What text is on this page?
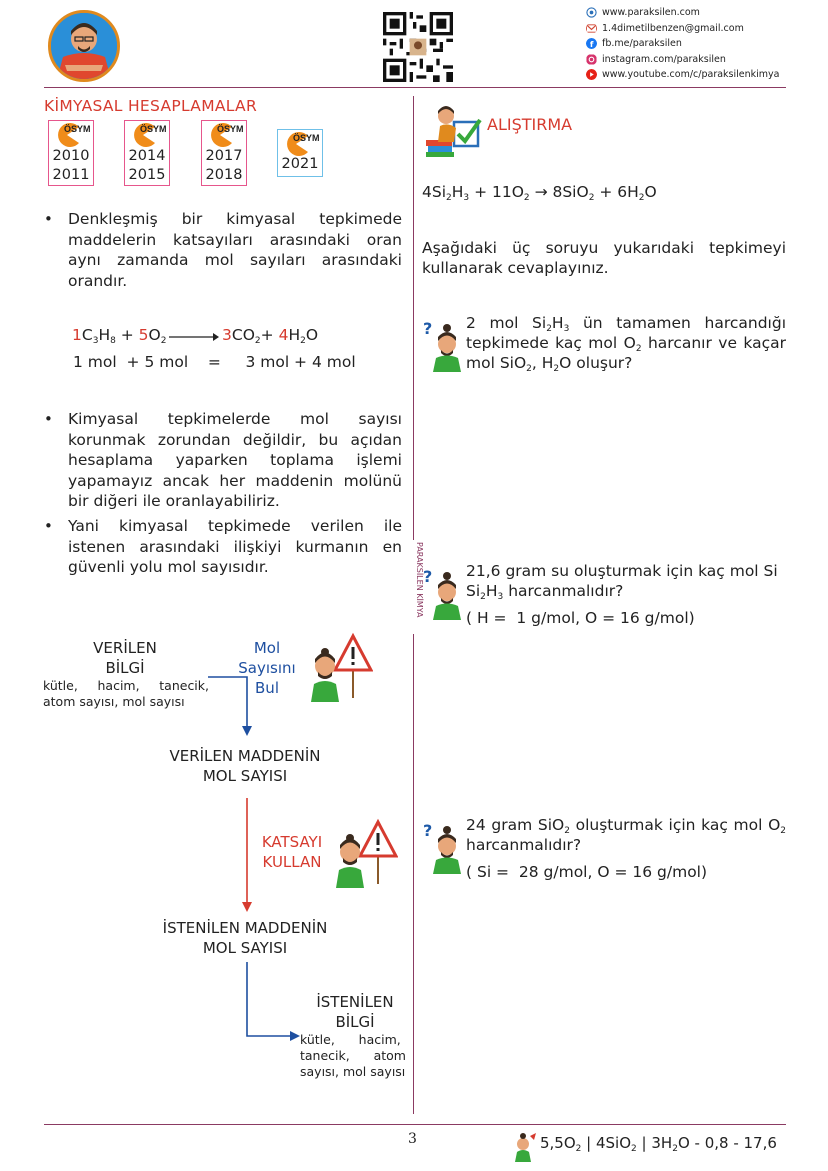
www.paraksilen.com
1.4dimetilbenzen@gmail.com
f fb.me/paraksilen
instagram.com/paraksilen
www.youtube.com/c/paraksilenkimya
PARAKSİLEN KİMYA
KİMYASAL HESAPLAMALAR
ÖSYM
2010
2011
ÖSYM
2014
2015
ÖSYM
2017
2018
ÖSYM
2021
• Denkleşmiş bir kimyasal tepkimede maddelerin katsayıları arasındaki oran aynı zamanda mol sayıları arasındaki orandır.
$1C_3H_8 + 5O_2 \to 3CO_2+ 4H_2O$
1 mol  + 5 mol    =     3 mol + 4 mol
• Kimyasal tepkimelerde mol sayısı korunmak zorundan değildir, bu açıdan hesaplama yaparken toplama işlemi yapamayız ancak her maddenin molünü bir diğeri ile oranlayabiliriz.
• Yani kimyasal tepkimede verilen ile istenen arasındaki ilişkiyi kurmanın en güvenli yolu mol sayısıdır.
VERİLEN
BİLGİ
kütle,   hacim,   tanecik,
atom sayısı, mol sayısı
Mol
Sayısını
Bul
VERİLEN MADDENİN
MOL SAYISI
KATSAYI
KULLAN
İSTENİLEN MADDENİN
MOL SAYISI
İSTENİLEN
BİLGİ
kütle,      hacim,
tanecik,      atom
sayısı, mol sayısı
ALIŞTIRMA
$4Si_2H_3 + 11O_2 \to 8SiO_2 + 6H_2O$
Aşağıdaki üç soruyu yukarıdaki tepkimeyi kullanarak cevaplayınız.
? 2 mol $Si_2H_3$ ün tamamen harcandığı tepkimede kaç mol $O_2$ harcanır ve kaçar mol SiO$_2$, $H_2O$ oluşur?
? 21,6 gram su oluşturmak için kaç mol Si
$Si_2H_3$ harcanmalıdır?
( H =  1 g/mol, O = 16 g/mol)
? 24 gram SiO$_2$ oluşturmak için kaç mol $O_2$ harcanmalıdır?
( Si =  28 g/mol, O = 16 g/mol)
3	$5,5O_2$ | 4SiO$_2$ | $3H_2O - 0,8 - 17,6$
